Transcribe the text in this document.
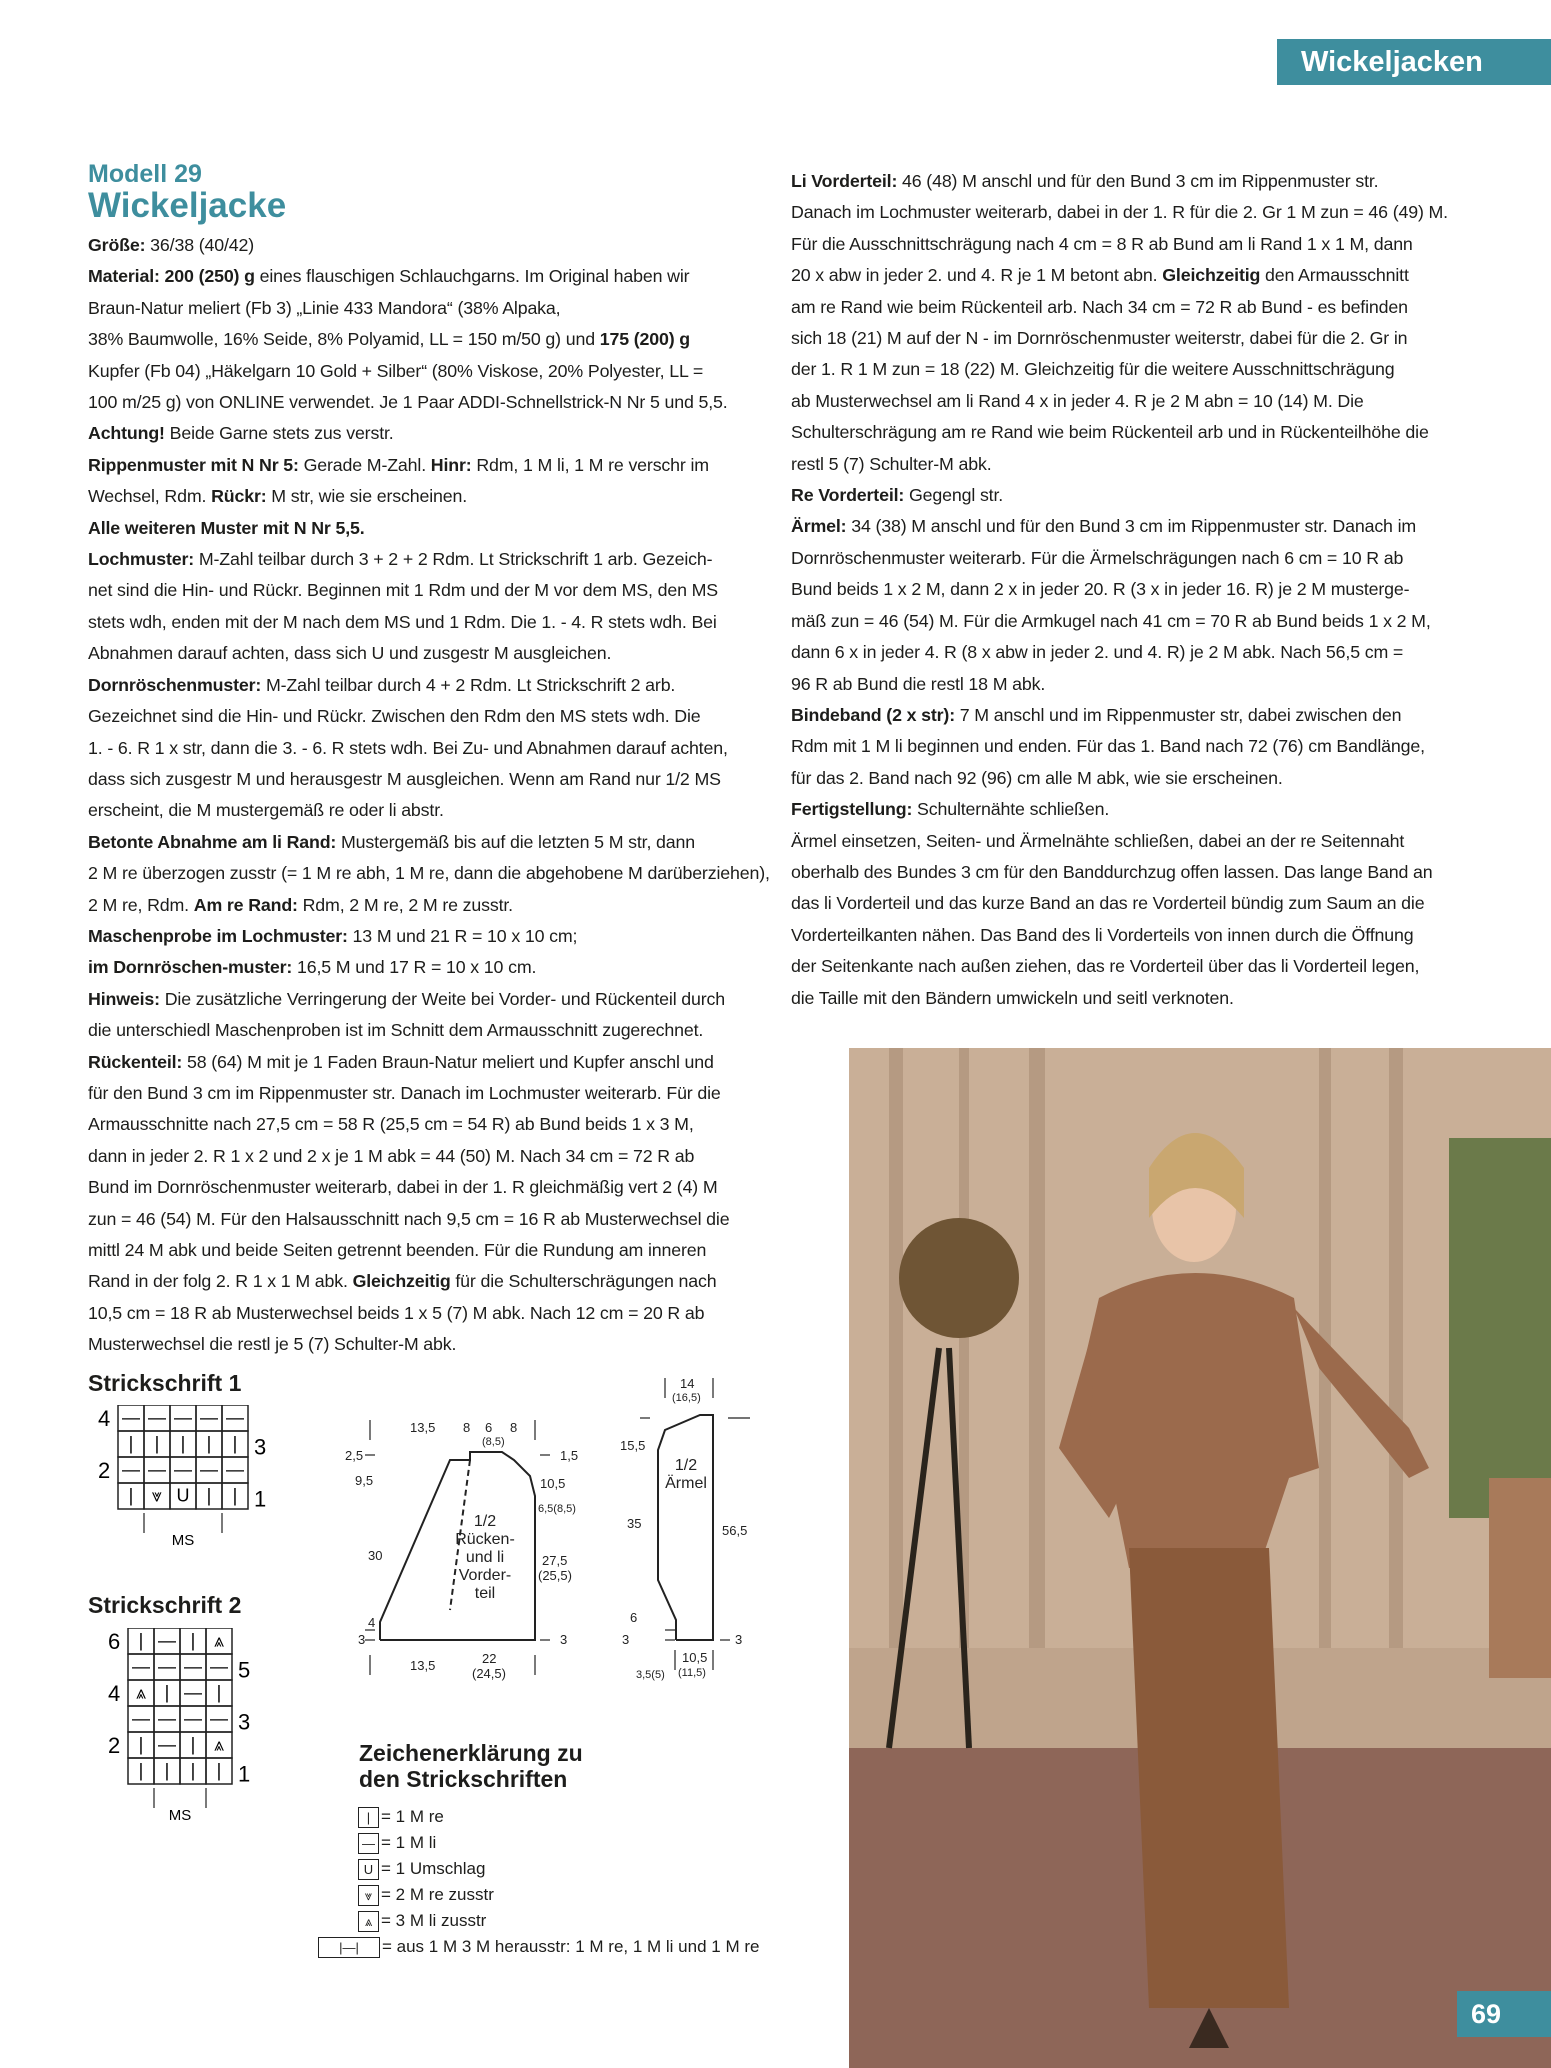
Wickeljacken
Modell 29
Wickeljacke

Größe: 36/38 (40/42)

Material: 200 (250) g eines flauschigen Schlauchgarns. Im Original haben wir

Braun-Natur meliert (Fb 3) „Linie 433 Mandora“ (38% Alpaka,

38% Baumwolle, 16% Seide, 8% Polyamid, LL = 150 m/50 g) und 175 (200) g

Kupfer (Fb 04) „Häkelgarn 10 Gold + Silber“ (80% Viskose, 20% Polyester, LL =

100 m/25 g) von ONLINE verwendet. Je 1 Paar ADDI-Schnellstrick-N Nr 5 und 5,5.

Achtung! Beide Garne stets zus verstr.

Rippenmuster mit N Nr 5: Gerade M-Zahl. Hinr: Rdm, 1 M li, 1 M re verschr im

Wechsel, Rdm. Rückr: M str, wie sie erscheinen.

Alle weiteren Muster mit N Nr 5,5.

Lochmuster: M-Zahl teilbar durch 3 + 2 + 2 Rdm. Lt Strickschrift 1 arb. Gezeich-

net sind die Hin- und Rückr. Beginnen mit 1 Rdm und der M vor dem MS, den MS

stets wdh, enden mit der M nach dem MS und 1 Rdm. Die 1. - 4. R stets wdh. Bei

Abnahmen darauf achten, dass sich U und zusgestr M ausgleichen.

Dornröschenmuster: M-Zahl teilbar durch 4 + 2 Rdm. Lt Strickschrift 2 arb.

Gezeichnet sind die Hin- und Rückr. Zwischen den Rdm den MS stets wdh. Die

1. - 6. R 1 x str, dann die 3. - 6. R stets wdh. Bei Zu- und Abnahmen darauf achten,

dass sich zusgestr M und herausgestr M ausgleichen. Wenn am Rand nur 1/2 MS

erscheint, die M mustergemäß re oder li abstr.

Betonte Abnahme am li Rand: Mustergemäß bis auf die letzten 5 M str, dann

2 M re überzogen zusstr (= 1 M re abh, 1 M re, dann die abgehobene M darüberziehen),

2 M re, Rdm. Am re Rand: Rdm, 2 M re, 2 M re zusstr.

Maschenprobe im Lochmuster: 13 M und 21 R = 10 x 10 cm;

im Dornröschen-muster: 16,5 M und 17 R = 10 x 10 cm.

Hinweis: Die zusätzliche Verringerung der Weite bei Vorder- und Rückenteil durch

die unterschiedl Maschenproben ist im Schnitt dem Armausschnitt zugerechnet.

Rückenteil: 58 (64) M mit je 1 Faden Braun-Natur meliert und Kupfer anschl und

für den Bund 3 cm im Rippenmuster str. Danach im Lochmuster weiterarb. Für die

Armausschnitte nach 27,5 cm = 58 R (25,5 cm = 54 R) ab Bund beids 1 x 3 M,

dann in jeder 2. R 1 x 2 und 2 x je 1 M abk = 44 (50) M. Nach 34 cm = 72 R ab

Bund im Dornröschenmuster weiterarb, dabei in der 1. R gleichmäßig vert 2 (4) M

zun = 46 (54) M. Für den Halsausschnitt nach 9,5 cm = 16 R ab Musterwechsel die

mittl 24 M abk und beide Seiten getrennt beenden. Für die Rundung am inneren

Rand in der folg 2. R 1 x 1 M abk. Gleichzeitig für die Schulterschrägungen nach

10,5 cm = 18 R ab Musterwechsel beids 1 x 5 (7) M abk. Nach 12 cm = 20 R ab

Musterwechsel die restl je 5 (7) Schulter-M abk.

Li Vorderteil: 46 (48) M anschl und für den Bund 3 cm im Rippenmuster str.

Danach im Lochmuster weiterarb, dabei in der 1. R für die 2. Gr 1 M zun = 46 (49) M.

Für die Ausschnittschrägung nach 4 cm = 8 R ab Bund am li Rand 1 x 1 M, dann

20 x abw in jeder 2. und 4. R je 1 M betont abn. Gleichzeitig den Armausschnitt

am re Rand wie beim Rückenteil arb. Nach 34 cm = 72 R ab Bund - es befinden

sich 18 (21) M auf der N - im Dornröschenmuster weiterstr, dabei für die 2. Gr in

der 1. R 1 M zun = 18 (22) M. Gleichzeitig für die weitere Ausschnittschrägung

ab Musterwechsel am li Rand 4 x in jeder 4. R je 2 M abn = 10 (14) M. Die

Schulterschrägung am re Rand wie beim Rückenteil arb und in Rückenteilhöhe die

restl 5 (7) Schulter-M abk.

Re Vorderteil: Gegengl str.

Ärmel: 34 (38) M anschl und für den Bund 3 cm im Rippenmuster str. Danach im

Dornröschenmuster weiterarb. Für die Ärmelschrägungen nach 6 cm = 10 R ab

Bund beids 1 x 2 M, dann 2 x in jeder 20. R (3 x in jeder 16. R) je 2 M musterge-

mäß zun = 46 (54) M. Für die Armkugel nach 41 cm = 70 R ab Bund beids 1 x 2 M,

dann 6 x in jeder 4. R (8 x abw in jeder 2. und 4. R) je 2 M abk. Nach 56,5 cm =

96 R ab Bund die restl 18 M abk.

Bindeband (2 x str): 7 M anschl und im Rippenmuster str, dabei zwischen den

Rdm mit 1 M li beginnen und enden. Für das 1. Band nach 72 (76) cm Bandlänge,

für das 2. Band nach 92 (96) cm alle M abk, wie sie erscheinen.

Fertigstellung: Schulternähte schließen.

Ärmel einsetzen, Seiten- und Ärmelnähte schließen, dabei an der re Seitennaht

oberhalb des Bundes 3 cm für den Banddurchzug offen lassen. Das lange Band an

das li Vorderteil und das kurze Band an das re Vorderteil bündig zum Saum an die

Vorderteilkanten nähen. Das Band des li Vorderteils von innen durch die Öffnung

der Seitenkante nach außen ziehen, das re Vorderteil über das li Vorderteil legen,

die Taille mit den Bändern umwickeln und seitl verknoten.

Strickschrift 1
— — — — —
4
| | | | | 3
— — — — —
2
| ⩔ U | | 1
MS
Strickschrift 2
| — | ⩓
6
— — — — 5
⩓ | — |
4
— — — — 3
| — | ⩓
2
| | | | 1
MS
13,5 8 6
(8,5)
8
2,5
9,5
30
4
3
1,5
10,5
6,5(8,5)
27,5
(25,5)
3
13,5	22
(24,5)
1/2
Rücken-
und li
Vorder-
teil
14
(16,5)
15,5
35
6
3
56,5
3
3,5(5)
10,5
(11,5)
1/2
Ärmel
Zeichenerklärung zu
den Strickschriften
| = 1 M re
— = 1 M li
U = 1 Umschlag
⩔ = 2 M re zusstr
⩓ = 3 M li zusstr
|—| = aus 1 M 3 M herausstr: 1 M re, 1 M li und 1 M re
69
